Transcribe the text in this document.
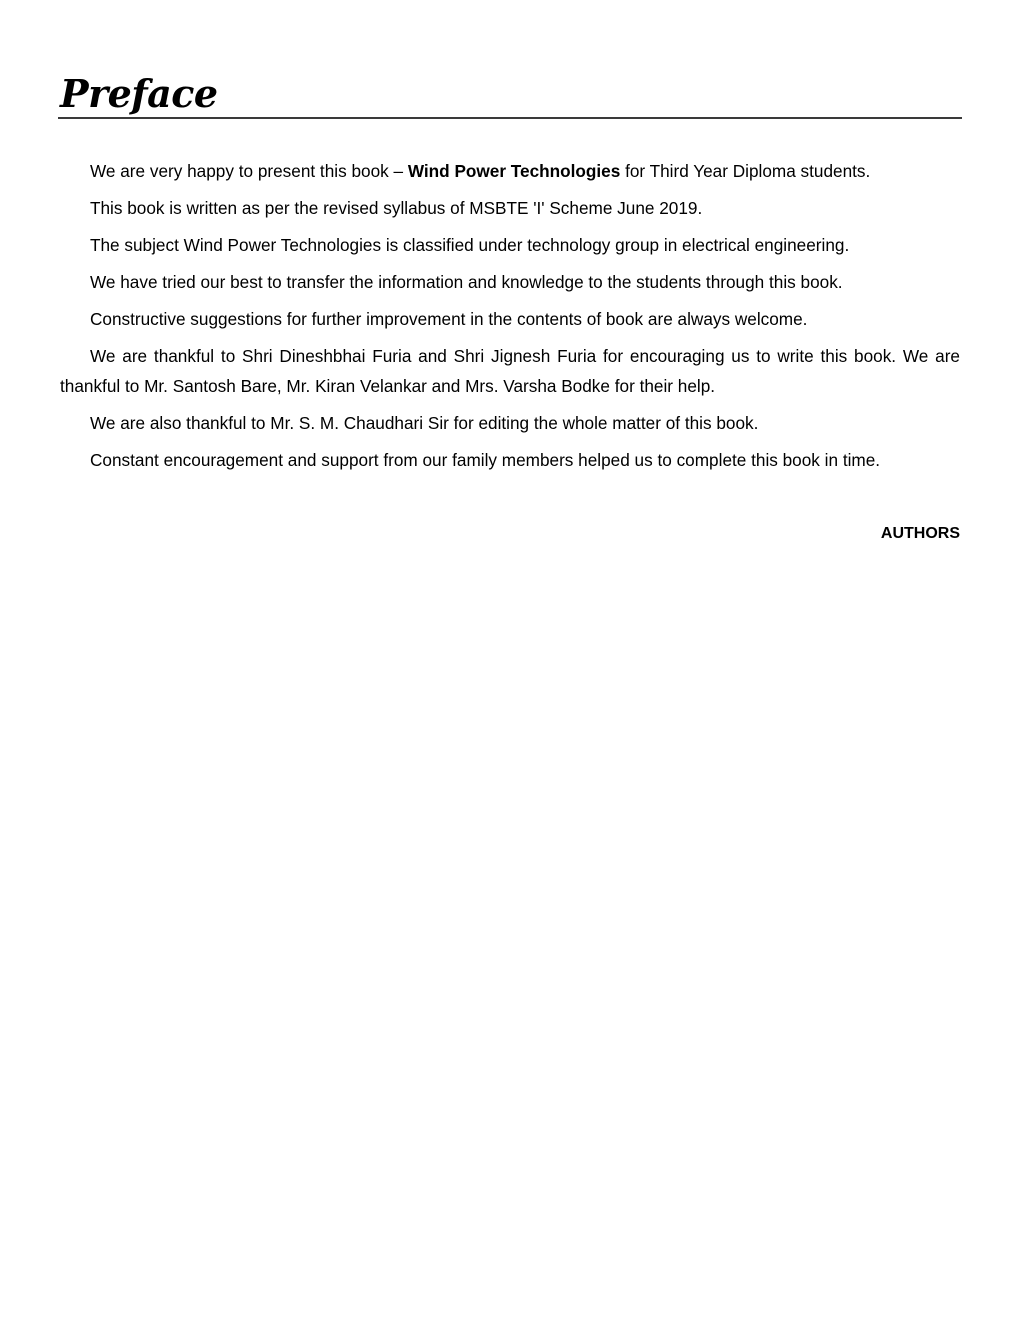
Preface

We are very happy to present this book – Wind Power Technologies for Third Year Diploma students.

This book is written as per the revised syllabus of MSBTE 'I' Scheme June 2019.

The subject Wind Power Technologies is classified under technology group in electrical engineering.

We have tried our best to transfer the information and knowledge to the students through this book.

Constructive suggestions for further improvement in the contents of book are always welcome.

We are thankful to Shri Dineshbhai Furia and Shri Jignesh Furia for encouraging us to write this book. We are thankful to Mr. Santosh Bare, Mr. Kiran Velankar and Mrs. Varsha Bodke for their help.

We are also thankful to Mr. S. M. Chaudhari Sir for editing the whole matter of this book.

Constant encouragement and support from our family members helped us to complete this book in time.

AUTHORS
